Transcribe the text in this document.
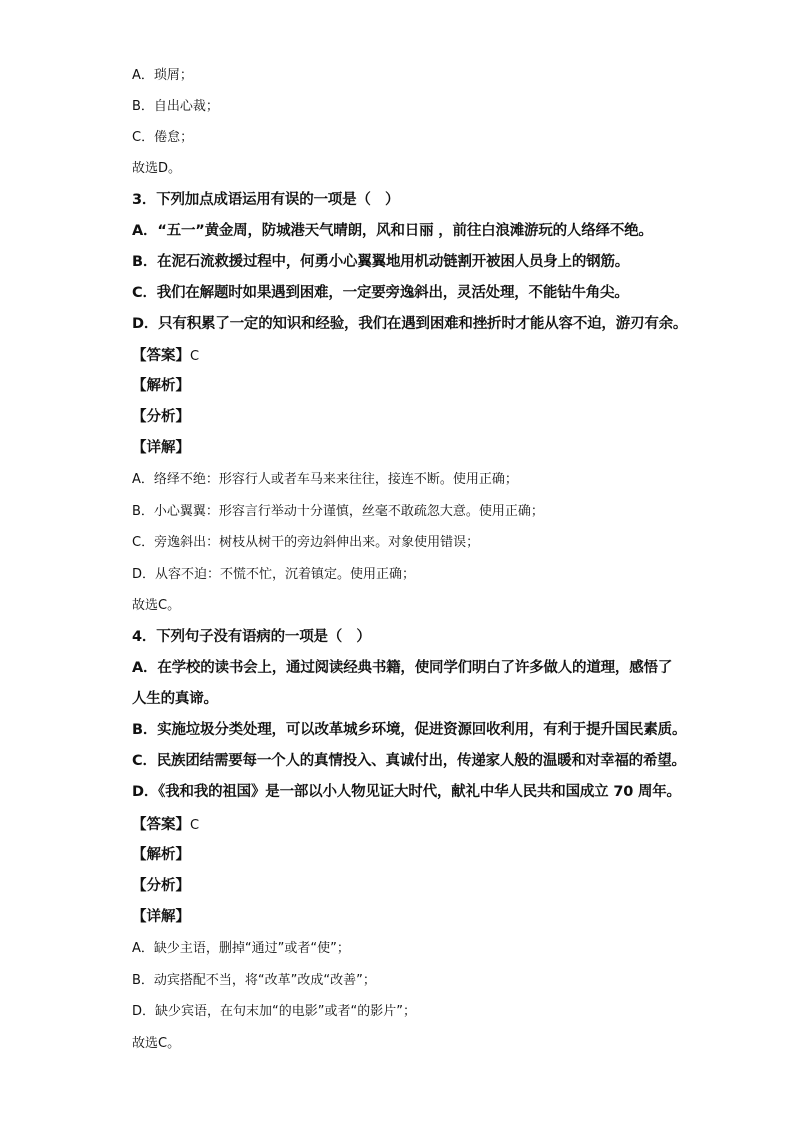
A．琐屑；
B．自出心裁；
C．倦怠；
故选D。
3．下列加点成语运用有误的一项是（　）
A．“五一”黄金周，防城港天气晴朗，风和日丽 ，前往白浪滩游玩的人络绎不绝。
B．在泥石流救援过程中，何勇小心翼翼地用机动链割开被困人员身上的钢筋。
C．我们在解题时如果遇到困难，一定要旁逸斜出，灵活处理，不能钻牛角尖。
D．只有积累了一定的知识和经验，我们在遇到困难和挫折时才能从容不迫，游刃有余。
【答案】C
【解析】
【分析】
【详解】
A．络绎不绝：形容行人或者车马来来往往，接连不断。使用正确；
B．小心翼翼：形容言行举动十分谨慎，丝毫不敢疏忽大意。使用正确；
C．旁逸斜出：树枝从树干的旁边斜伸出来。对象使用错误；
D．从容不迫：不慌不忙，沉着镇定。使用正确；
故选C。
4．下列句子没有语病的一项是（　）
A．在学校的读书会上，通过阅读经典书籍，使同学们明白了许多做人的道理，感悟了
人生的真谛。
B．实施垃圾分类处理，可以改革城乡环境，促进资源回收利用，有利于提升国民素质。
C．民族团结需要每一个人的真情投入、真诚付出，传递家人般的温暖和对幸福的希望。
D．《我和我的祖国》是一部以小人物见证大时代，献礼中华人民共和国成立 70 周年。
【答案】C
【解析】
【分析】
【详解】
A．缺少主语，删掉“通过”或者“使”；
B．动宾搭配不当，将“改革”改成“改善”；
D．缺少宾语，在句末加“的电影”或者“的影片”；
故选C。
